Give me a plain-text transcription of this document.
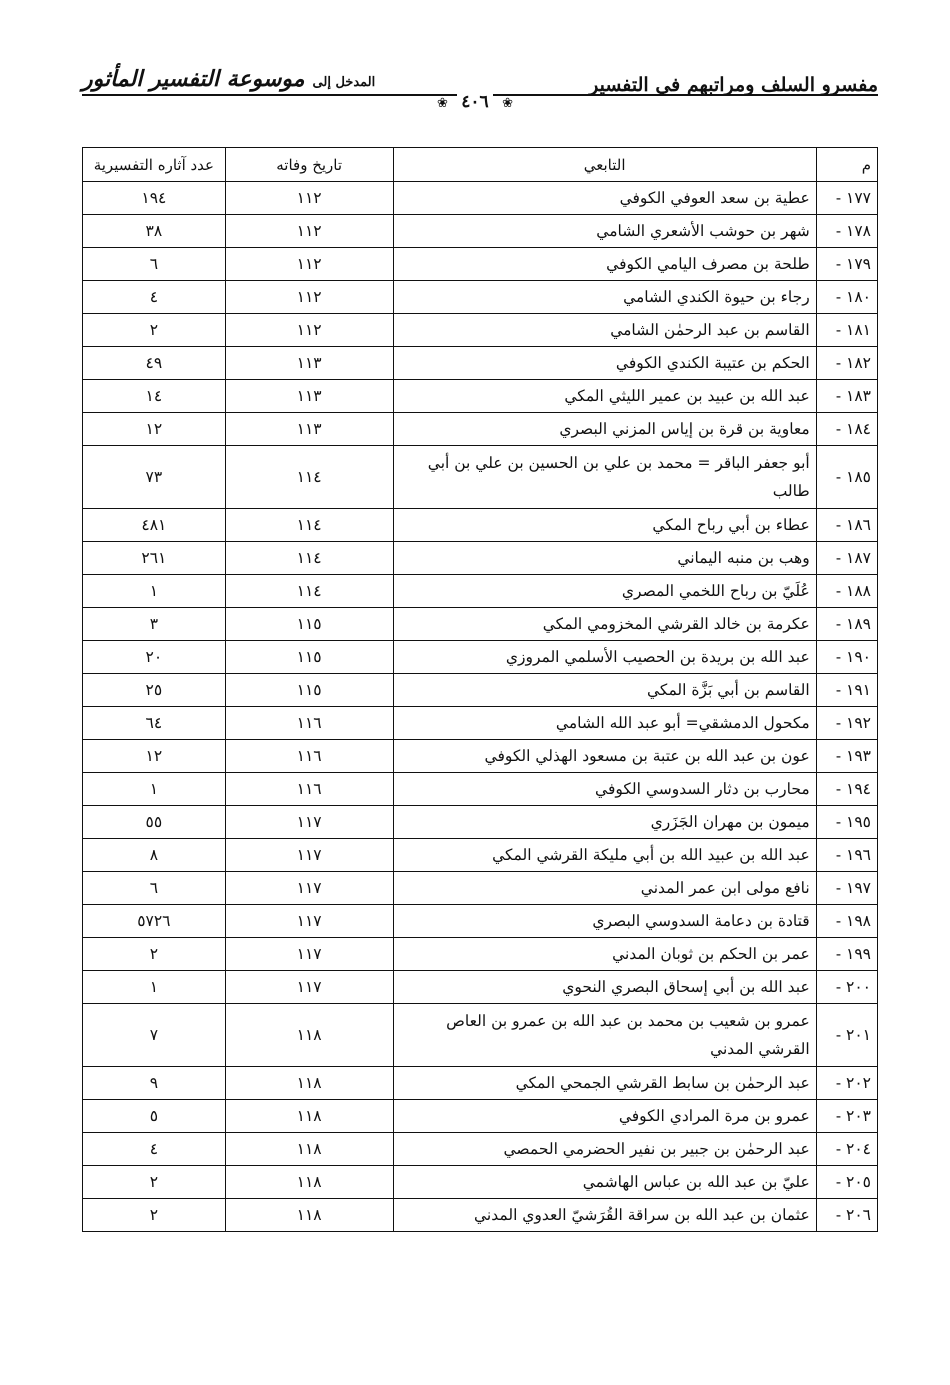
مفسرو السلف ومراتبهم في التفسير
المدخل إلى
موسوعة التفسير المأثور
❀ ٤٠٦ ❀
م	التابعي	تاريخ وفاته	عدد آثاره التفسيرية
١٧٧ -	عطية بن سعد العوفي الكوفي	١١٢	١٩٤
١٧٨ -	شهر بن حوشب الأشعري الشامي	١١٢	٣٨
١٧٩ -	طلحة بن مصرف اليامي الكوفي	١١٢	٦
١٨٠ -	رجاء بن حيوة الكندي الشامي	١١٢	٤
١٨١ -	القاسم بن عبد الرحمٰن الشامي	١١٢	٢
١٨٢ -	الحكم بن عتيبة الكندي الكوفي	١١٣	٤٩
١٨٣ -	عبد الله بن عبيد بن عمير الليثي المكي	١١٣	١٤
١٨٤ -	معاوية بن قرة بن إياس المزني البصري	١١٣	١٢
١٨٥ -	أبو جعفر الباقر = محمد بن علي بن الحسين بن علي بن أبي طالب	١١٤	٧٣
١٨٦ -	عطاء بن أبي رباح المكي	١١٤	٤٨١
١٨٧ -	وهب بن منبه اليماني	١١٤	٢٦١
١٨٨ -	عُلَيّ بن رباح اللخمي المصري	١١٤	١
١٨٩ -	عكرمة بن خالد القرشي المخزومي المكي	١١٥	٣
١٩٠ -	عبد الله بن بريدة بن الحصيب الأسلمي المروزي	١١٥	٢٠
١٩١ -	القاسم بن أبي بَزَّة المكي	١١٥	٢٥
١٩٢ -	مكحول الدمشقي= أبو عبد الله الشامي	١١٦	٦٤
١٩٣ -	عون بن عبد الله بن عتبة بن مسعود الهذلي الكوفي	١١٦	١٢
١٩٤ -	محارب بن دثار السدوسي الكوفي	١١٦	١
١٩٥ -	ميمون بن مهران الجَزَري	١١٧	٥٥
١٩٦ -	عبد الله بن عبيد الله بن أبي مليكة القرشي المكي	١١٧	٨
١٩٧ -	نافع مولى ابن عمر المدني	١١٧	٦
١٩٨ -	قتادة بن دعامة السدوسي البصري	١١٧	٥٧٢٦
١٩٩ -	عمر بن الحكم بن ثوبان المدني	١١٧	٢
٢٠٠ -	عبد الله بن أبي إسحاق البصري النحوي	١١٧	١
٢٠١ -	عمرو بن شعيب بن محمد بن عبد الله بن عمرو بن العاص القرشي المدني	١١٨	٧
٢٠٢ -	عبد الرحمٰن بن سابط القرشي الجمحي المكي	١١٨	٩
٢٠٣ -	عمرو بن مرة المرادي الكوفي	١١٨	٥
٢٠٤ -	عبد الرحمٰن بن جبير بن نفير الحضرمي الحمصي	١١٨	٤
٢٠٥ -	عليّ بن عبد الله بن عباس الهاشمي	١١٨	٢
٢٠٦ -	عثمان بن عبد الله بن سراقة القُرَشيّ العدوي المدني	١١٨	٢
